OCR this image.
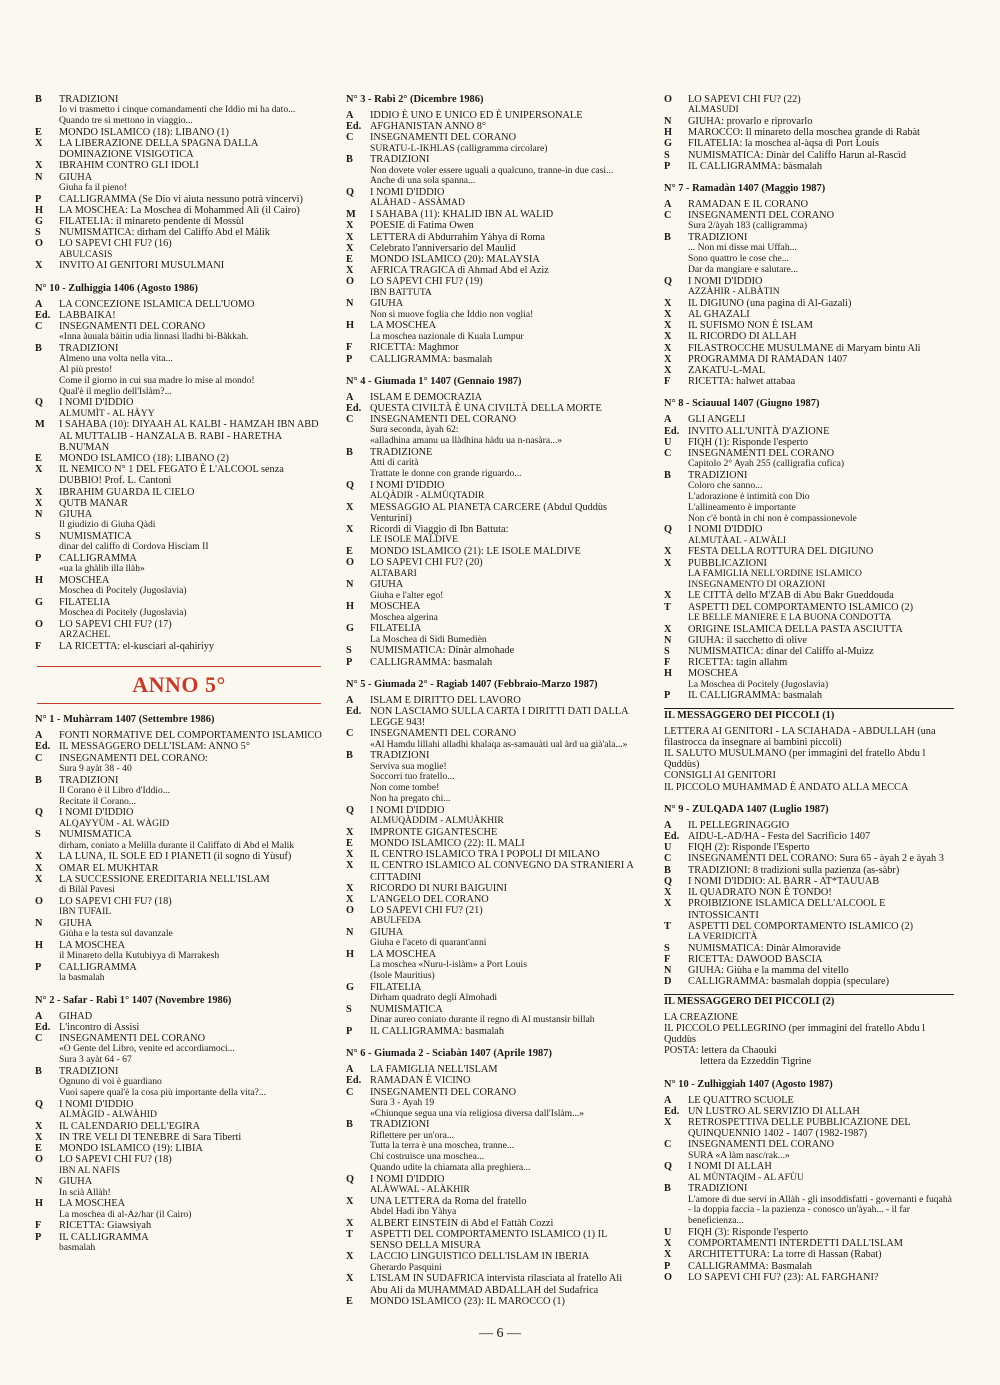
B	TRADIZIONI
Io vi trasmetto i cinque comandamenti che Iddio mi ha dato...
Quando tre si mettono in viaggio...
E	MONDO ISLAMICO (18): LIBANO (1)
X	LA LIBERAZIONE DELLA SPAGNA DALLA DOMINAZIONE VISIGOTICA
X	IBRAHIM CONTRO GLI IDOLI
N	GIUHA
Giuha fa il pieno!
P	CALLIGRAMMA (Se Dio vi aiuta nessuno potrà vincervi)
H	LA MOSCHEA: La Moschea di Mohammed Alì (il Cairo)
G	FILATELIA: il minareto pendente di Mossùl
S	NUMISMATICA: dirham del Califfo Abd el Màlik
O	LO SAPEVI CHI FU? (16)
ABULCASIS
X	INVITO AI GENITORI MUSULMANI
N° 10 - Zulhiggia 1406 (Agosto 1986)
A	LA CONCEZIONE ISLAMICA DELL'UOMO
Ed. LABBAIKA!
C	INSEGNAMENTI DEL CORANO
«Inna àuuala bàitin udia linnasi lladhi bi-Bàkkah.
B	TRADIZIONI
Almeno una volta nella vita...
Al più presto!
Come il giorno in cui sua madre lo mise al mondo!
Qual'è il meglio dell'Islàm?...
Q	I NOMI D'IDDIO
ALMUMÌT - AL HÀYY
M	I SAHABA (10): DIYAAH AL KALBI - HAMZAH IBN ABD AL MUTTALIB - HANZALA B. RABI - HARETHA B.NU'MAN
E	MONDO ISLAMICO (18): LIBANO (2)
X	IL NEMICO N° 1 DEL FEGATO È L'ALCOOL senza DUBBIO! Prof. L. Cantoni
X	IBRAHIM GUARDA IL CIELO
X	QUTB MANAR
N	GIUHA
Il giudizio di Giuha Qàdi
S	NUMISMATICA
dinar del califfo di Cordova Hiscìam II
P	CALLIGRAMMA
«ua la ghàlib illa llàh»
H	MOSCHEA
Moschea di Pocitely (Jugoslavia)
G	FILATELIA
Moschea di Pocitely (Jugoslavia)
O	LO SAPEVI CHI FU? (17)
ARZACHEL
F	LA RICETTA: el-kusciari al-qahiriyy
ANNO 5°
N° 1 - Muhàrram 1407 (Settembre 1986)
A	FONTI NORMATIVE DEL COMPORTAMENTO ISLAMICO
Ed. IL MESSAGGERO DELL'ISLAM: ANNO 5°
C	INSEGNAMENTI DEL CORANO:
Sura 9 ayàt 38 - 40
B	TRADIZIONI
Il Corano è il Libro d'Iddio...
Recitate il Corano...
Q	I NOMI D'IDDIO
ALQAYYÙM - AL WÀGID
S	NUMISMATICA
dirham, coniato a Melilla durante il Califfato di Abd el Malik
X	LA LUNA, IL SOLE ED I PIANETI (il sogno di Yùsuf)
X	OMAR EL MUKHTAR
X	LA SUCCESSIONE EREDITARIA NELL'ISLAM
di Bilàl Pavesi
O	LO SAPEVI CHI FU? (18)
IBN TUFAIL
N	GIUHA
Giùha e la testa sul davanzale
H	LA MOSCHEA
il Minareto della Kutubiyya di Marrakesh
P	CALLIGRAMMA
la basmalah
N° 2 - Safar - Rabì 1° 1407 (Novembre 1986)
A	GIHAD
Ed. L'incontro di Assisi
C	INSEGNAMENTI DEL CORANO
«O Gente del Libro, venite ed accordiamoci...
Sura 3 ayàt 64 - 67
B	TRADIZIONI
Ognuno di voi è guardiano
Vuoi sapere qual'è la cosa più importante della vita?...
Q	I NOMI D'IDDIO
ALMÀGID - ALWÀHID
X	IL CALENDARIO DELL'EGIRA
X	IN TRE VELI DI TENEBRE di Sara Tiberti
E	MONDO ISLAMICO (19): LIBIA
O	LO SAPEVI CHI FU? (18)
IBN AL NAFIS
N	GIUHA
In scià Allàh!
H	LA MOSCHEA
La moschea di al-Az/har (il Cairo)
F	RICETTA: Giawsiyah
P	IL CALLIGRAMMA
basmalah
N° 3 - Rabì 2° (Dicembre 1986)
A	IDDIO È UNO E UNICO ED È UNIPERSONALE
Ed. AFGHANISTAN ANNO 8°
C	INSEGNAMENTI DEL CORANO
SURATU-L-IKHLAS (calligramma circolare)
B	TRADIZIONI
Non dovete voler essere uguali a qualcuno, tranne-in due casi...
Anche di una sola spanna...
Q	I NOMI D'IDDIO
ALÀHAD - ASSÀMAD
M	I SAHABA (11): KHALID IBN AL WALID
X	POESIE di Fatima Owen
X	LETTERA di Abdurrahim Yàhya di Roma
X	Celebrato l'anniversario del Maulid
E	MONDO ISLAMICO (20): MALAYSIA
X	AFRICA TRAGICA di Ahmad Abd el Aziz
O	LO SAPEVI CHI FU? (19)
IBN BATTUTA
N	GIUHA
Non si muove foglia che Iddio non voglia!
H	LA MOSCHEA
La moschea nazionale di Kuala Lumpur
F	RICETTA: Maghmor
P	CALLIGRAMMA: basmalah
N° 4 - Giumada 1° 1407 (Gennaio 1987)
A	ISLAM E DEMOCRAZIA
Ed. QUESTA CIVILTÀ È UNA CIVILTÀ DELLA MORTE
C	INSEGNAMENTI DEL CORANO
Sura seconda, àyah 62:
«alladhina amanu ua llàdhina hàdu ua n-nasàra...»
B	TRADIZIONE
Atti di carità
Trattate le donne con grande riguardo...
Q	I NOMI D'IDDIO
ALQÀDIR - ALMÙQTADIR
X	MESSAGGIO AL PIANETA CARCERE (Abdul Quddùs Venturini)
X	Ricordi di Viaggio di Ibn Battuta:
LE ISOLE MALDIVE
E	MONDO ISLAMICO (21): LE ISOLE MALDIVE
O	LO SAPEVI CHI FU? (20)
ALTABARI
N	GIUHA
Giuha e l'alter ego!
H	MOSCHEA
Moschea algerina
G	FILATELIA
La Moschea di Sidi Bumedièn
S	NUMISMATICA: Dinàr almohade
P	CALLIGRAMMA: basmalah
N° 5 - Giumada 2° - Ragiab 1407 (Febbraio-Marzo 1987)
A	ISLAM E DIRITTO DEL LAVORO
Ed. NON LASCIAMO SULLA CARTA I DIRITTI DATI DALLA LEGGE 943!
C	INSEGNAMENTI DEL CORANO
«Al Hamdu lillahi alladhi khalaqa as-samauàti ual àrd ua già'ala...»
B	TRADIZIONI
Serviva sua moglie!
Soccorri tuo fratello...
Non come tombe!
Non ha pregato chi...
Q	I NOMI D'IDDIO
ALMUQÀDDIM - ALMUÀKHIR
X	IMPRONTE GIGANTESCHE
E	MONDO ISLAMICO (22): IL MALI
X	IL CENTRO ISLAMICO TRA I POPOLI DI MILANO
X	IL CENTRO ISLAMICO AL CONVEGNO DA STRANIERI A CITTADINI
X	RICORDO DI NURI BAIGUINI
X	L'ANGELO DEL CORANO
O	LO SAPEVI CHI FU? (21)
ABULFEDA
N	GIUHA
Giuha e l'aceto di quarant'anni
H	LA MOSCHEA
La moschea «Nuru-l-islàm» a Port Louis
(Isole Mauritius)
G	FILATELIA
Dirham quadrato degli Almohadi
S	NUMISMATICA
Dinar aureo coniato durante il regno di Al mustansir billah
P	IL CALLIGRAMMA: basmalah
N° 6 - Giumada 2 - Sciabàn 1407 (Aprile 1987)
A	LA FAMIGLIA NELL'ISLAM
Ed. RAMADAN È VICINO
C	INSEGNAMENTI DEL CORANO
Sura 3 - Ayah 19
«Chiunque segua una via religiosa diversa dall'Islàm...»
B	TRADIZIONI
Riflettere per un'ora...
Tutta la terra è una moschea, tranne...
Chi costruisce una moschea...
Quando udite la chiamata alla preghiera...
Q	I NOMI D'IDDIO
ALÀWWAL - ALÀKHIR
X	UNA LETTERA da Roma del fratello
Abdel Hadi ibn Yàhya
X	ALBERT EINSTEIN di Abd el Fattàh Cozzi
T	ASPETTI DEL COMPORTAMENTO ISLAMICO (1) IL SENSO DELLA MISURA
X	LACCIO LINGUISTICO DELL'ISLAM IN IBERIA
Gherardo Pasquini
X	L'ISLAM IN SUDAFRICA intervista rilasciata al fratello Ali Abu Ali da MUHAMMAD ABDALLAH del Sudafrica
E	MONDO ISLAMICO (23): IL MAROCCO (1)
O	LO SAPEVI CHI FU? (22)
ALMASUDI
N	GIUHA: provarlo e riprovarlo
H	MAROCCO: Il minareto della moschea grande di Rabàt
G	FILATELIA: la moschea al-àqsa di Port Louis
S	NUMISMATICA: Dinàr del Califfo Harun al-Rascìd
P	IL CALLIGRAMMA: bàsmalah
N° 7 - Ramadàn 1407 (Maggio 1987)
A	RAMADAN E IL CORANO
C	INSEGNAMENTI DEL CORANO
Sura 2/àyah 183 (calligramma)
B	TRADIZIONI
... Non mi disse mai Uffah...
Sono quattro le cose che...
Dar da mangiare e salutare...
Q	I NOMI D'IDDIO
AZZÀHIR - ALBÀTIN
X	IL DIGIUNO (una pagina di Al-Gazali)
X	AL GHAZALI
X	IL SUFISMO NON È ISLAM
X	IL RICORDO DI ALLAH
X	FILASTROCCHE MUSULMANE di Maryam bintu Ali
X	PROGRAMMA DI RAMADAN 1407
X	ZAKATU-L-MAL
F	RICETTA: halwet attabaa
N° 8 - Sciauual 1407 (Giugno 1987)
A	GLI ANGELI
Ed. INVITO ALL'UNITÀ D'AZIONE
U	FIQH (1): Risponde l'esperto
C	INSEGNAMENTI DEL CORANO
Capitolo 2° Ayah 255 (calligrafia cufica)
B	TRADIZIONI
Coloro che sanno...
L'adorazione è intimità con Dio
L'allineamento è importante
Non c'è bontà in chi non è compassionevole
Q	I NOMI D'IDDIO
ALMUTÀAL - ALWÀLI
X	FESTA DELLA ROTTURA DEL DIGIUNO
X	PUBBLICAZIONI
LA FAMIGLIA NELL'ORDINE ISLAMICO
INSEGNAMENTO DI ORAZIONI
X	LE CITTÀ dello M'ZAB di Abu Bakr Gueddouda
T	ASPETTI DEL COMPORTAMENTO ISLAMICO (2)
LE BELLE MANIERE E LA BUONA CONDOTTA
X	ORIGINE ISLAMICA DELLA PASTA ASCIUTTA
N	GIUHA: il sacchetto di olive
S	NUMISMATICA: dinar del Califfo al-Muìzz
F	RICETTA: tagin allahm
H	MOSCHEA
La Moschea di Pocitely (Jugoslavia)
P	IL CALLIGRAMMA: basmalah
IL MESSAGGERO DEI PICCOLI (1)
LETTERA AI GENITORI - LA SCIAHADA - ABDULLAH (una filastrocca da insegnare ai bambini piccoli)
IL SALUTO MUSULMANO (per immagini del fratello Abdu l Quddùs)
CONSIGLI AI GENITORI
IL PICCOLO MUHAMMAD È ANDATO ALLA MECCA
N° 9 - ZULQADA 1407 (Luglio 1987)
A	IL PELLEGRINAGGIO
Ed. AIDU-L-AD/HA - Festa del Sacrificio 1407
U	FIQH (2): Risponde l'Esperto
C	INSEGNAMENTI DEL CORANO: Sura 65 - àyah 2 e àyah 3
B	TRADIZIONI: 8 tradizioni sulla pazienza (as-sàbr)
Q	I NOMI D'IDDIO: AL BARR - AT*TAUUAB
X	IL QUADRATO NON È TONDO!
X	PROIBIZIONE ISLAMICA DELL'ALCOOL E INTOSSICANTI
T	ASPETTI DEL COMPORTAMENTO ISLAMICO (2)
LA VERIDICITÀ
S	NUMISMATICA: Dinàr Almoravide
F	RICETTA: DAWOOD BASCIA
N	GIUHA: Giùha e la mamma del vitello
D	CALLIGRAMMA: basmalah doppia (speculare)
IL MESSAGGERO DEI PICCOLI (2)
LA CREAZIONE
IL PICCOLO PELLEGRINO (per immagini del fratello Abdu l Quddùs
POSTA: lettera da Chaouki
lettera da Ezzeddin Tigrine
N° 10 - Zulhìggiah 1407 (Agosto 1987)
A	LE QUATTRO SCUOLE
Ed. UN LUSTRO AL SERVIZIO DI ALLAH
X	RETROSPETTIVA DELLE PUBBLICAZIONE DEL QUINQUENNIO 1402 - 1407 (1982-1987)
C	INSEGNAMENTI DEL CORANO
SURA «A làm nasc/rak...»
Q	I NOMI DI ALLAH
AL MÙNTAQIM - AL AFÙU
B	TRADIZIONI
L'amore di due servi in Allàh - gli insoddisfatti - governanti e fuqahà - la doppia faccia - la pazienza - conosco un'àyah... - il far beneficienza...
U	FIQH (3): Risponde l'esperto
X	COMPORTAMENTI INTERDETTI DALL'ISLAM
X	ARCHITETTURA: La torre di Hassan (Rabat)
P	CALLIGRAMMA: Basmalah
O	LO SAPEVI CHI FU? (23): AL FARGHANI?
— 6 —
